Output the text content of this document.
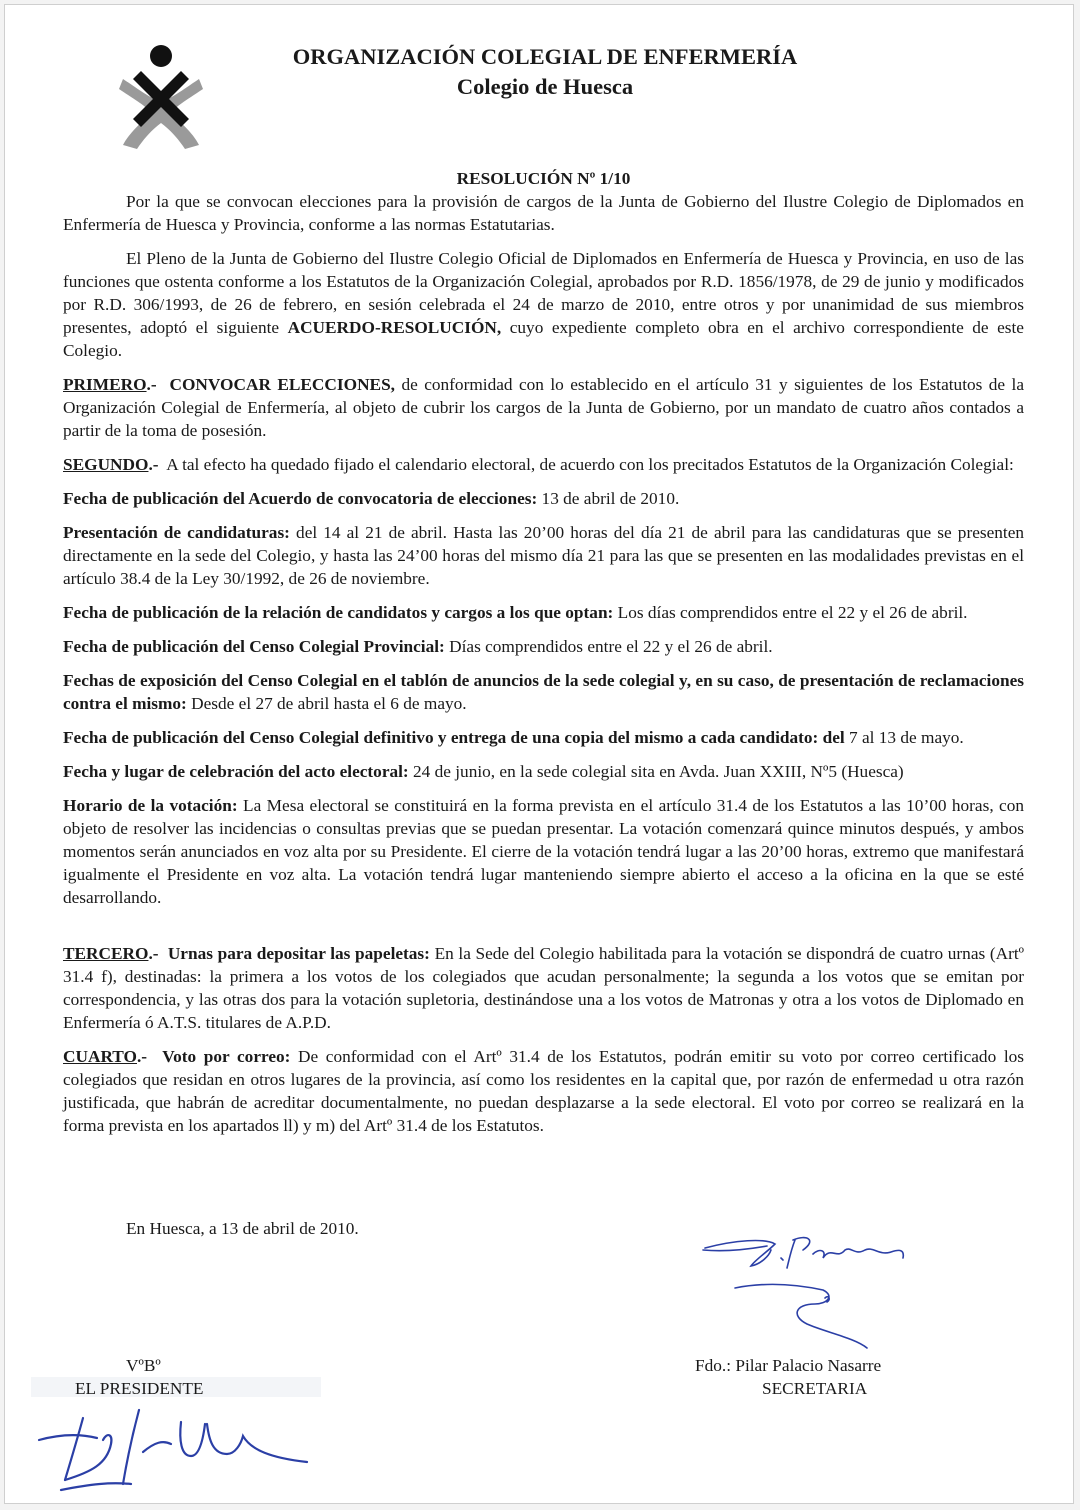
ORGANIZACIÓN COLEGIAL DE ENFERMERÍA

Colegio de Huesca

RESOLUCIÓN Nº 1/10

Por la que se convocan elecciones para la provisión de cargos de la Junta de Gobierno del Ilustre Colegio de Diplomados en Enfermería de Huesca y Provincia, conforme a las normas Estatutarias.

El Pleno de la Junta de Gobierno del Ilustre Colegio Oficial de Diplomados en Enfermería de Huesca y Provincia, en uso de las funciones que ostenta conforme a los Estatutos de la Organización Colegial, aprobados por R.D. 1856/1978, de 29 de junio y modificados por R.D. 306/1993, de 26 de febrero, en sesión celebrada el 24 de marzo de 2010, entre otros y por unanimidad de sus miembros presentes, adoptó el siguiente ACUERDO-RESOLUCIÓN, cuyo expediente completo obra en el archivo correspondiente de este Colegio.

PRIMERO.- CONVOCAR ELECCIONES, de conformidad con lo establecido en el artículo 31 y siguientes de los Estatutos de la Organización Colegial de Enfermería, al objeto de cubrir los cargos de la Junta de Gobierno, por un mandato de cuatro años contados a partir de la toma de posesión.

SEGUNDO.- A tal efecto ha quedado fijado el calendario electoral, de acuerdo con los precitados Estatutos de la Organización Colegial:

Fecha de publicación del Acuerdo de convocatoria de elecciones: 13 de abril de 2010.

Presentación de candidaturas: del 14 al 21 de abril. Hasta las 20’00 horas del día 21 de abril para las candidaturas que se presenten directamente en la sede del Colegio, y hasta las 24’00 horas del mismo día 21 para las que se presenten en las modalidades previstas en el artículo 38.4 de la Ley 30/1992, de 26 de noviembre.

Fecha de publicación de la relación de candidatos y cargos a los que optan: Los días comprendidos entre el 22 y el 26 de abril.

Fecha de publicación del Censo Colegial Provincial: Días comprendidos entre el 22 y el 26 de abril.

Fechas de exposición del Censo Colegial en el tablón de anuncios de la sede colegial y, en su caso, de presentación de reclamaciones contra el mismo: Desde el 27 de abril hasta el 6 de mayo.

Fecha de publicación del Censo Colegial definitivo y entrega de una copia del mismo a cada candidato: del 7 al 13 de mayo.

Fecha y lugar de celebración del acto electoral: 24 de junio, en la sede colegial sita en Avda. Juan XXIII, Nº5 (Huesca)

Horario de la votación: La Mesa electoral se constituirá en la forma prevista en el artículo 31.4 de los Estatutos a las 10’00 horas, con objeto de resolver las incidencias o consultas previas que se puedan presentar. La votación comenzará quince minutos después, y ambos momentos serán anunciados en voz alta por su Presidente. El cierre de la votación tendrá lugar a las 20’00 horas, extremo que manifestará igualmente el Presidente en voz alta. La votación tendrá lugar manteniendo siempre abierto el acceso a la oficina en la que se esté desarrollando.

TERCERO.- Urnas para depositar las papeletas: En la Sede del Colegio habilitada para la votación se dispondrá de cuatro urnas (Artº 31.4 f), destinadas: la primera a los votos de los colegiados que acudan personalmente; la segunda a los votos que se emitan por correspondencia, y las otras dos para la votación supletoria, destinándose una a los votos de Matronas y otra a los votos de Diplomado en Enfermería ó A.T.S. titulares de A.P.D.

CUARTO.- Voto por correo: De conformidad con el Artº 31.4 de los Estatutos, podrán emitir su voto por correo certificado los colegiados que residan en otros lugares de la provincia, así como los residentes en la capital que, por razón de enfermedad u otra razón justificada, que habrán de acreditar documentalmente, no puedan desplazarse a la sede electoral. El voto por correo se realizará en la forma prevista en los apartados ll) y m) del Artº 31.4 de los Estatutos.

En Huesca, a 13 de abril de 2010.
VºBº
EL PRESIDENTE
Fdo.: Pilar Palacio Nasarre
SECRETARIA
